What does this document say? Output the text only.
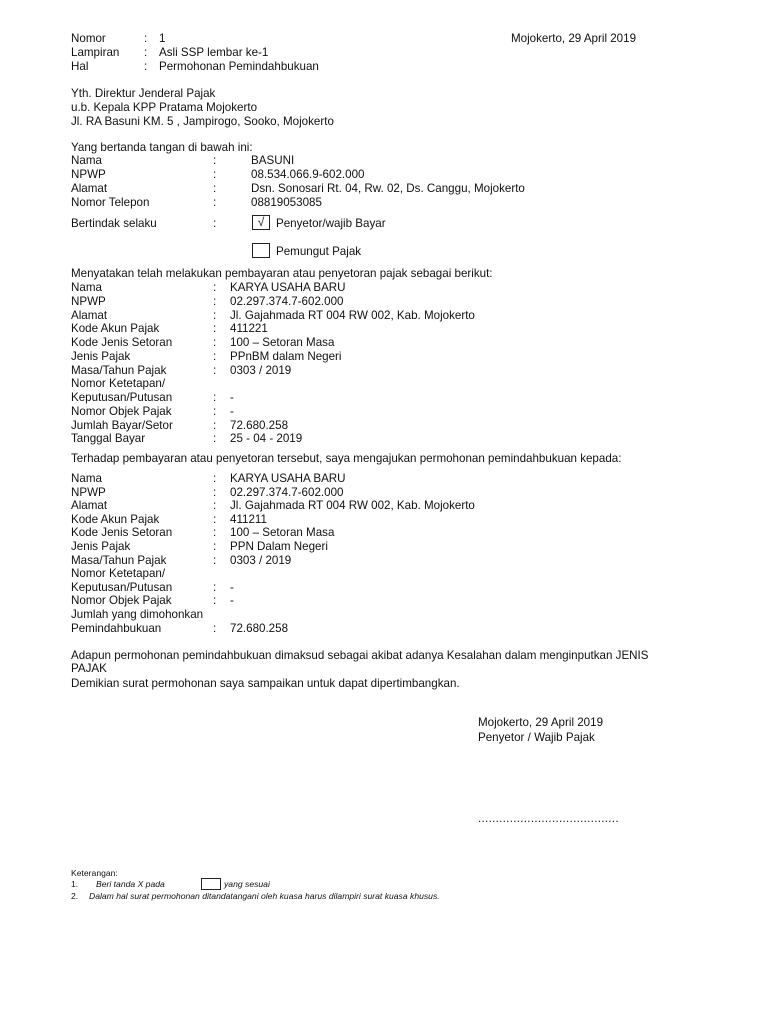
Nomor	: 1	Mojokerto, 29 April 2019
Lampiran : Asli SSP lembar ke-1
Hal	: Permohonan Pemindahbukuan
Yth. Direktur Jenderal Pajak
u.b. Kepala KPP Pratama Mojokerto
Jl. RA Basuni KM. 5 , Jampirogo, Sooko, Mojokerto
Yang bertanda tangan di bawah ini:
Nama	:	BASUNI
NPWP	:	08.534.066.9-602.000
Alamat	:	Dsn. Sonosari Rt. 04, Rw. 02, Ds. Canggu, Mojokerto
Nomor Telepon	:	08819053085
Bertindak selaku	:	√	Penyetor/wajib Bayar
Pemungut Pajak
Menyatakan telah melakukan pembayaran atau penyetoran pajak sebagai berikut:
Nama	: KARYA USAHA BARU
NPWP	: 02.297.374.7-602.000
Alamat	: Jl. Gajahmada RT 004 RW 002, Kab. Mojokerto
Kode Akun Pajak	: 411221
Kode Jenis Setoran	: 100 – Setoran Masa
Jenis Pajak	: PPnBM dalam Negeri
Masa/Tahun Pajak	: 0303 / 2019
Nomor Ketetapan/
Keputusan/Putusan	: -
Nomor Objek Pajak	: -
Jumlah Bayar/Setor	: 72.680.258
Tanggal Bayar	: 25 - 04 - 2019
Terhadap pembayaran atau penyetoran tersebut, saya mengajukan permohonan pemindahbukuan kepada:
Nama	: KARYA USAHA BARU
NPWP	: 02.297.374.7-602.000
Alamat	: Jl. Gajahmada RT 004 RW 002, Kab. Mojokerto
Kode Akun Pajak	: 411211
Kode Jenis Setoran	: 100 – Setoran Masa
Jenis Pajak	: PPN Dalam Negeri
Masa/Tahun Pajak	: 0303 / 2019
Nomor Ketetapan/
Keputusan/Putusan	: -
Nomor Objek Pajak	: -
Jumlah yang dimohonkan
Pemindahbukuan	: 72.680.258
Adapun permohonan pemindahbukuan dimaksud sebagai akibat adanya Kesalahan dalam menginputkan JENIS
PAJAK
Demikian surat permohonan saya sampaikan untuk dapat dipertimbangkan.
Mojokerto, 29 April 2019
Penyetor / Wajib Pajak
........................................
Keterangan:
1. Beri tanda X pada	yang sesuai
2. Dalam hal surat permohonan ditandatangani oleh kuasa harus dilampiri surat kuasa khusus.
